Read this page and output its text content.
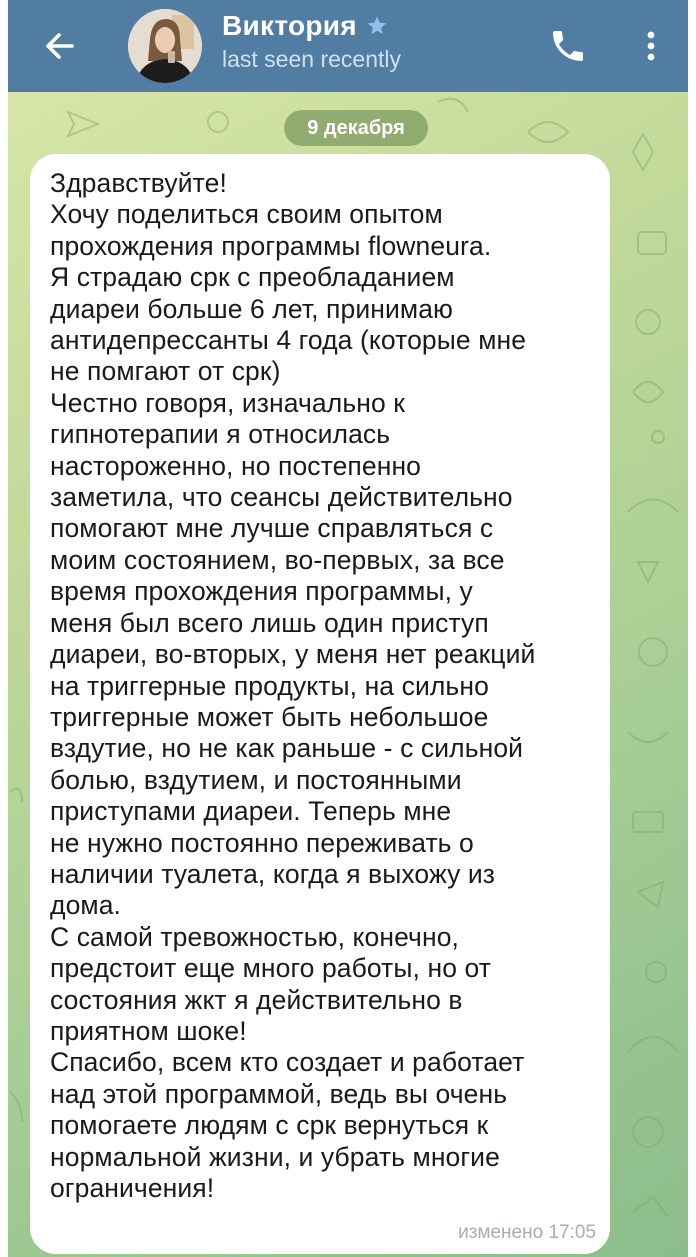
Виктория
last seen recently
9 декабря
Здравствуйте!
Хочу поделиться своим опытом
прохождения программы flowneura.
Я страдаю срк с преобладанием
диареи больше 6 лет, принимаю
антидепрессанты 4 года (которые мне
не помгают от срк)
Честно говоря, изначально к
гипнотерапии я относилась
настороженно, но постепенно
заметила, что сеансы действительно
помогают мне лучше справляться с
моим состоянием, во-первых, за все
время прохождения программы, у
меня был всего лишь один приступ
диареи, во-вторых, у меня нет реакций
на триггерные продукты, на сильно
триггерные может быть небольшое
вздутие, но не как раньше - с сильной
болью, вздутием, и постоянными
приступами диареи. Теперь мне
не нужно постоянно переживать о
наличии туалета, когда я выхожу из
дома.
С самой тревожностью, конечно,
предстоит еще много работы, но от
состояния жкт я действительно в
приятном шоке!
Спасибо, всем кто создает и работает
над этой программой, ведь вы очень
помогаете людям с срк вернуться к
нормальной жизни, и убрать многие
ограничения!
изменено 17:05
